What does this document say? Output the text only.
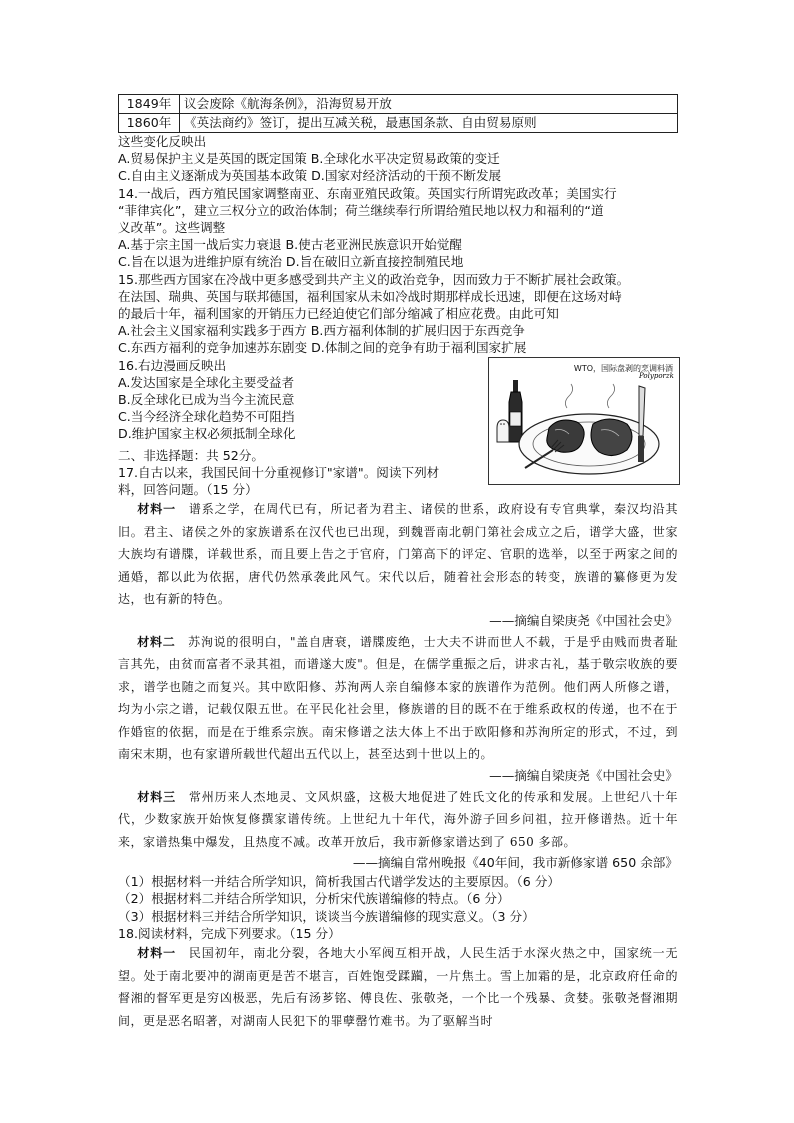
1849年	议会废除《航海条例》，沿海贸易开放
1860年	《英法商约》签订，提出互减关税，最惠国条款、自由贸易原则
这些变化反映出
A.贸易保护主义是英国的既定国策 B.全球化水平决定贸易政策的变迁
C.自由主义逐渐成为英国基本政策 D.国家对经济活动的干预不断发展
14.一战后，西方殖民国家调整南亚、东南亚殖民政策。英国实行所谓宪政改革；美国实行
“菲律宾化”，建立三权分立的政治体制；荷兰继续奉行所谓给殖民地以权力和福利的“道
义改革”。这些调整
A.基于宗主国一战后实力衰退 B.使古老亚洲民族意识开始觉醒
C.旨在以退为进维护原有统治 D.旨在破旧立新直接控制殖民地
15.那些西方国家在冷战中更多感受到共产主义的政治竞争，因而致力于不断扩展社会政策。
在法国、瑞典、英国与联邦德国，福利国家从未如冷战时期那样成长迅速，即便在这场对峙
的最后十年，福利国家的开销压力已经迫使它们部分缩减了相应花费。由此可知
A.社会主义国家福利实践多于西方 B.西方福利体制的扩展归因于东西竞争
C.东西方福利的竞争加速苏东剧变 D.体制之间的竞争有助于福利国家扩展
16.右边漫画反映出
A.发达国家是全球化主要受益者
B.反全球化已成为当今主流民意
C.当今经济全球化趋势不可阻挡
D.维护国家主权必须抵制全球化
WTO，国际盘剥的烹调料酒
Polyporzk
二、非选择题：共 52分。
17.自古以来，我国民间十分重视修订"家谱"。阅读下列材
料，回答问题。（15 分）
  材料一  谱系之学，在周代已有，所记者为君主、诸侯的世系，政府设有专官典掌，秦汉均沿其旧。君主、诸侯之外的家族谱系在汉代也已出现，到魏晋南北朝门第社会成立之后，谱学大盛，世家大族均有谱牒，详载世系，而且要上告之于官府，门第高下的评定、官职的选举，以至于两家之间的通婚，都以此为依据，唐代仍然承袭此风气。宋代以后，随着社会形态的转变，族谱的纂修更为发达，也有新的特色。
——摘编自梁庚尧《中国社会史》
  材料二  苏洵说的很明白，"盖自唐衰，谱牒废绝，士大夫不讲而世人不载，于是乎由贱而贵者耻言其先，由贫而富者不录其祖，而谱遂大废"。但是，在儒学重振之后，讲求古礼，基于敬宗收族的要求，谱学也随之而复兴。其中欧阳修、苏洵两人亲自编修本家的族谱作为范例。他们两人所修之谱，均为小宗之谱，记载仅限五世。在平民化社会里，修族谱的目的既不在于维系政权的传递，也不在于作婚宦的依据，而是在于维系宗族。南宋修谱之法大体上不出于欧阳修和苏洵所定的形式，不过，到南宋末期，也有家谱所载世代超出五代以上，甚至达到十世以上的。
——摘编自梁庚尧《中国社会史》
  材料三  常州历来人杰地灵、文风炽盛，这极大地促进了姓氏文化的传承和发展。上世纪八十年代，少数家族开始恢复修撰家谱传统。上世纪九十年代，海外游子回乡问祖，拉开修谱热。近十年来，家谱热集中爆发，且热度不减。改革开放后，我市新修家谱达到了 650 多部。
——摘编自常州晚报《40年间，我市新修家谱 650 余部》
（1）根据材料一并结合所学知识，简析我国古代谱学发达的主要原因。（6 分）
（2）根据材料二并结合所学知识，分析宋代族谱编修的特点。（6 分）
（3）根据材料三并结合所学知识，谈谈当今族谱编修的现实意义。（3 分）
18.阅读材料，完成下列要求。（15 分）
  材料一  民国初年，南北分裂，各地大小军阀互相开战，人民生活于水深火热之中，国家统一无望。处于南北要冲的湖南更是苦不堪言，百姓饱受蹂躏，一片焦土。雪上加霜的是，北京政府任命的督湘的督军更是穷凶极恶，先后有汤芗铭、傅良佐、张敬尧，一个比一个残暴、贪婪。张敬尧督湘期间，更是恶名昭著，对湖南人民犯下的罪孽罄竹难书。为了驱解当时
